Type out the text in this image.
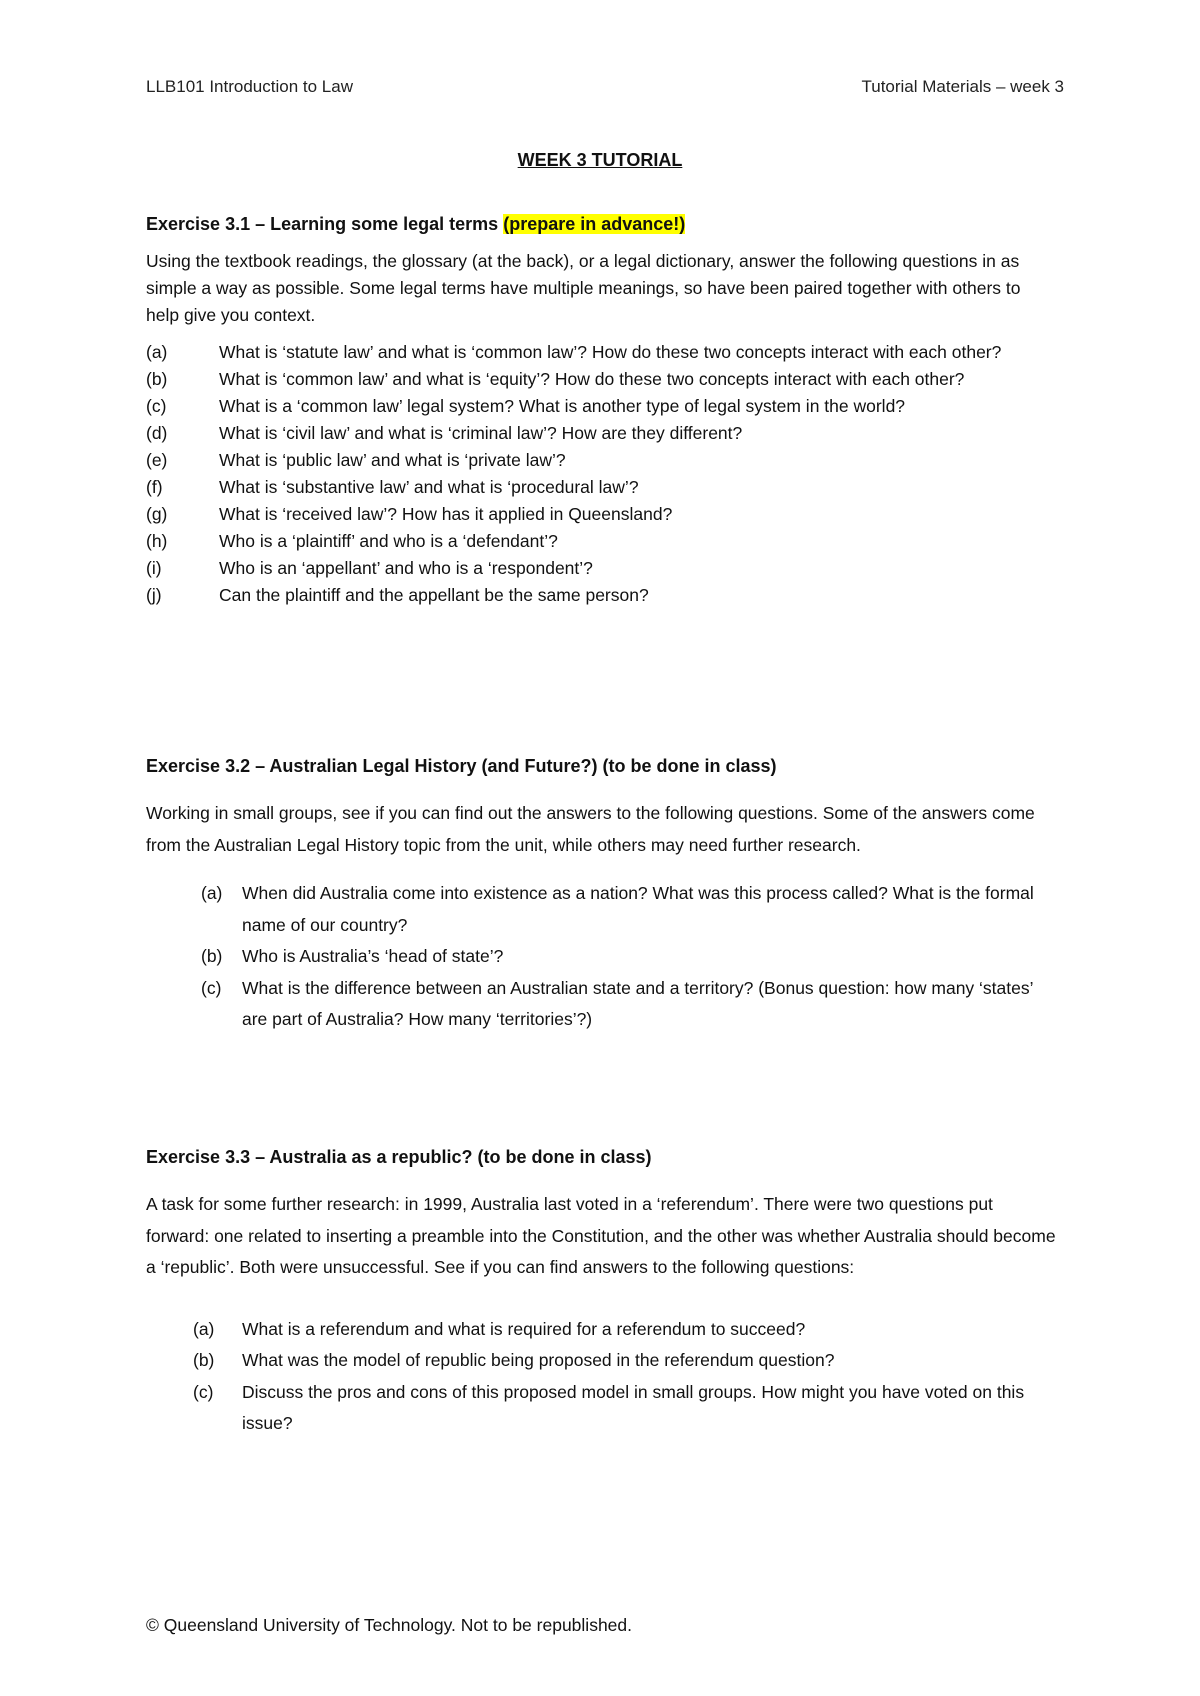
LLB101 Introduction to Law	Tutorial Materials – week 3
WEEK 3 TUTORIAL

Exercise 3.1 – Learning some legal terms (prepare in advance!)

Using the textbook readings, the glossary (at the back), or a legal dictionary, answer the following questions in as simple a way as possible. Some legal terms have multiple meanings, so have been paired together with others to help give you context.

(a)	What is ‘statute law’ and what is ‘common law’? How do these two concepts interact with each other?
(b)	What is ‘common law’ and what is ‘equity’? How do these two concepts interact with each other?
(c)	What is a ‘common law’ legal system? What is another type of legal system in the world?
(d)	What is ‘civil law’ and what is ‘criminal law’? How are they different?
(e)	What is ‘public law’ and what is ‘private law’?
(f)	What is ‘substantive law’ and what is ‘procedural law’?
(g)	What is ‘received law’? How has it applied in Queensland?
(h)	Who is a ‘plaintiff’ and who is a ‘defendant’?
(i)	Who is an ‘appellant’ and who is a ‘respondent’?
(j)	Can the plaintiff and the appellant be the same person?

Exercise 3.2 – Australian Legal History (and Future?) (to be done in class)

Working in small groups, see if you can find out the answers to the following questions. Some of the answers come from the Australian Legal History topic from the unit, while others may need further research.

(a) When did Australia come into existence as a nation? What was this process called? What is the formal name of our country?
(b) Who is Australia’s ‘head of state’?
(c) What is the difference between an Australian state and a territory? (Bonus question: how many ‘states’ are part of Australia? How many ‘territories’?)

Exercise 3.3 – Australia as a republic? (to be done in class)

A task for some further research: in 1999, Australia last voted in a ‘referendum’. There were two questions put forward: one related to inserting a preamble into the Constitution, and the other was whether Australia should become a ‘republic’. Both were unsuccessful. See if you can find answers to the following questions:

(a) What is a referendum and what is required for a referendum to succeed?
(b) What was the model of republic being proposed in the referendum question?
(c) Discuss the pros and cons of this proposed model in small groups. How might you have voted on this issue?
© Queensland University of Technology. Not to be republished.
